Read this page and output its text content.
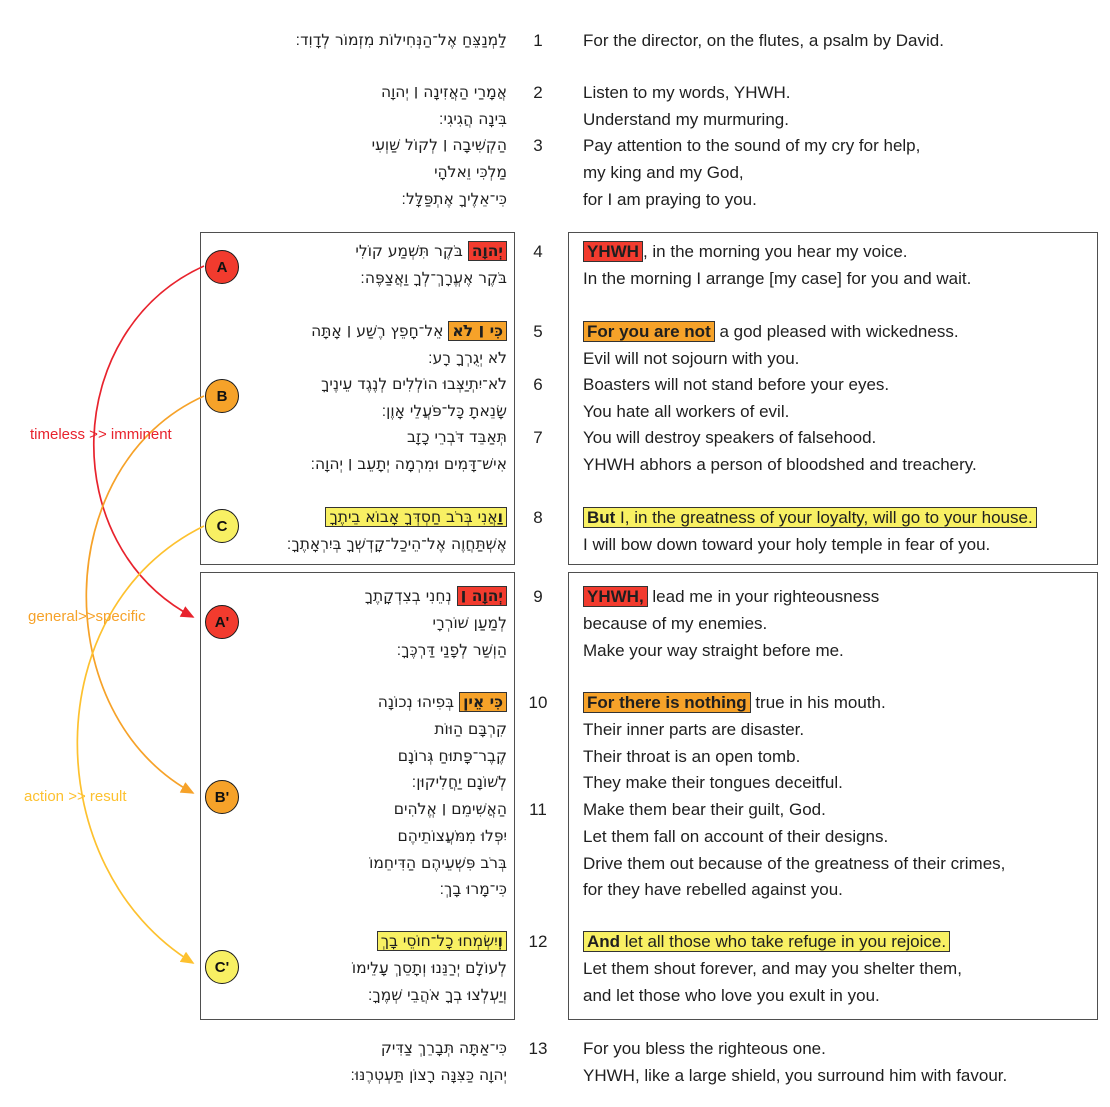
timeless >> imminent
general>>specific
action >> result
A
B
C
A'
B'
C'
לַמְנַצֵּחַ אֶל־הַנְּחִילוֹת מִזְמוֹר לְדָוִד׃	1	For the director, on the flutes, a psalm by David.
אֲמָרַי הַאֲזִינָה ׀ יְהוָה	2	Listen to my words, YHWH.
בִּינָה הֲגִיגִי׃	Understand my murmuring.
הַקְשִׁיבָה ׀ לְקוֹל שַׁוְעִי	3	Pay attention to the sound of my cry for help,
מַלְכִּי וֵאלֹהָי	my king and my God,
כִּי־אֵלֶיךָ אֶתְפַּלָּל׃	for I am praying to you.
יְהוָה בֹּקֶר תִּשְׁמַע קוֹלִי	4	YHWH , in the morning you hear my voice.
בֹּקֶר אֶעֱרָךְ־לְךָ וַאֲצַפֶּה׃	In the morning I arrange [my case] for you and wait.
כִּי ׀ לֹא אֵל־חָפֵץ רֶשַׁע ׀ אָתָּה	5	For you are not a god pleased with wickedness.
לֹא יְגֻרְךָ רָע׃	Evil will not sojourn with you.
לֹא־יִתְיַצְּבוּ הוֹלְלִים לְנֶגֶד עֵינֶיךָ	6	Boasters will not stand before your eyes.
שָׂנֵאתָ כָּל־פֹּעֲלֵי אָוֶן׃	You hate all workers of evil.
תְּאַבֵּד דֹּבְרֵי כָזָב	7	You will destroy speakers of falsehood.
אִישׁ־דָּמִים וּמִרְמָה יְתָעֵב ׀ יְהוָה׃	YHWH abhors a person of bloodshed and treachery.
וַאֲנִי בְּרֹב חַסְדְּךָ אָבוֹא בֵיתֶךָ	8	But I, in the greatness of your loyalty, will go to your house.
אֶשְׁתַּחֲוֶה אֶל־הֵיכַל־קָדְשְׁךָ בְּיִרְאָתֶךָ׃	I will bow down toward your holy temple in fear of you.
יְהוָה ׀ נְחֵנִי בְצִדְקָתֶךָ	9	YHWH, lead me in your righteousness
לְמַעַן שׁוֹרְרָי	because of my enemies.
הַוְשַׁר לְפָנַי דַּרְכֶּךָ׃	Make your way straight before me.
כִּי אֵין בְּפִיהוּ נְכוֹנָה	10	For there is nothing true in his mouth.
קִרְבָּם הַוּוֹת	Their inner parts are disaster.
קֶבֶר־פָּתוּחַ גְּרוֹנָם	Their throat is an open tomb.
לְשׁוֹנָם יַחֲלִיקוּן׃	They make their tongues deceitful.
הַאֲשִׁימֵם ׀ אֱלֹהִים	11	Make them bear their guilt, God.
יִפְּלוּ מִמֹּעֲצוֹתֵיהֶם	Let them fall on account of their designs.
בְּרֹב פִּשְׁעֵיהֶם הַדִּיחֵמוֹ	Drive them out because of the greatness of their crimes,
כִּי־מָרוּ בָךְ׃	for they have rebelled against you.
וְיִשְׂמְחוּ כָל־חוֹסֵי בָךְ	12	And let all those who take refuge in you rejoice.
לְעוֹלָם יְרַנֵּנוּ וְתָסֵךְ עָלֵימוֹ	Let them shout forever, and may you shelter them,
וְיַעְלְצוּ בְךָ אֹהֲבֵי שְׁמֶךָ׃	and let those who love you exult in you.
כִּי־אַתָּה תְּבָרֵךְ צַדִּיק	13	For you bless the righteous one.
יְהוָה כַּצִּנָּה רָצוֹן תַּעְטְרֶנּוּ׃	YHWH, like a large shield, you surround him with favour.
